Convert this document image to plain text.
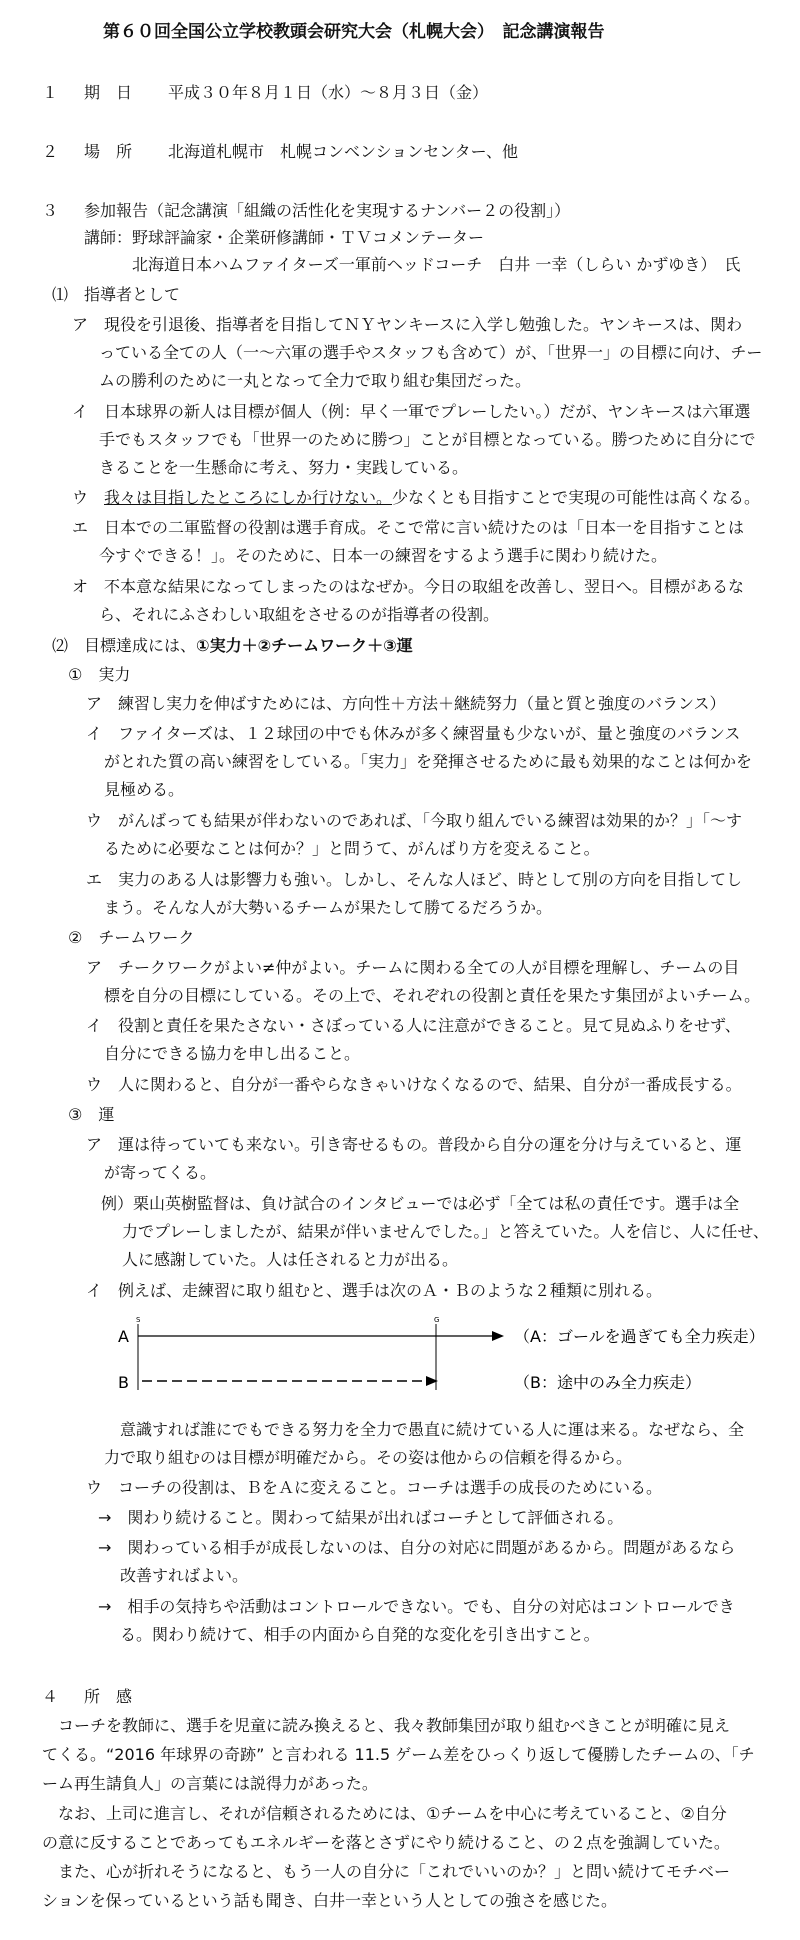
第６０回全国公立学校教頭会研究大会（札幌大会）　記念講演報告
１ 期　日 平成３０年８月１日（水）～８月３日（金）
２ 場　所 北海道札幌市　札幌コンベンションセンター、他
３ 参加報告 （記念講演「組織の活性化を実現するナンバー２の役割」）
講師：野球評論家・企業研修講師・ＴＶコメンテーター
北海道日本ハムファイターズ一軍前ヘッドコーチ　白井 一幸（しらい かずゆき）　氏
⑴　指導者として
ア　現役を引退後、指導者を目指してＮＹヤンキースに入学し勉強した。ヤンキースは、関わ
っている全ての人（一～六軍の選手やスタッフも含めて）が、「世界一」の目標に向け、チー
ムの勝利のために一丸となって全力で取り組む集団だった。
イ　日本球界の新人は目標が個人（例：早く一軍でプレーしたい。）だが、ヤンキースは六軍選
手でもスタッフでも「世界一のために勝つ」ことが目標となっている。勝つために自分にで
きることを一生懸命に考え、努力・実践している。
ウ　我々は目指したところにしか行けない。少なくとも目指すことで実現の可能性は高くなる。
エ　日本での二軍監督の役割は選手育成。そこで常に言い続けたのは「日本一を目指すことは
今すぐできる！」。そのために、日本一の練習をするよう選手に関わり続けた。
オ　不本意な結果になってしまったのはなぜか。今日の取組を改善し、翌日へ。目標があるな
ら、それにふさわしい取組をさせるのが指導者の役割。
⑵　目標達成には、①実力＋②チームワーク＋③運
①　実力
ア　練習し実力を伸ばすためには、方向性＋方法＋継続努力（量と質と強度のバランス）
イ　ファイターズは、１２球団の中でも休みが多く練習量も少ないが、量と強度のバランス
がとれた質の高い練習をしている。「実力」を発揮させるために最も効果的なことは何かを
見極める。
ウ　がんばっても結果が伴わないのであれば、「今取り組んでいる練習は効果的か？」「～す
るために必要なことは何か？」と問うて、がんばり方を変えること。
エ　実力のある人は影響力も強い。しかし、そんな人ほど、時として別の方向を目指してし
まう。そんな人が大勢いるチームが果たして勝てるだろうか。
②　チームワーク
ア　チークワークがよい≠仲がよい。チームに関わる全ての人が目標を理解し、チームの目
標を自分の目標にしている。その上で、それぞれの役割と責任を果たす集団がよいチーム。
イ　役割と責任を果たさない・さぼっている人に注意ができること。見て見ぬふりをせず、
自分にできる協力を申し出ること。
ウ　人に関わると、自分が一番やらなきゃいけなくなるので、結果、自分が一番成長する。
③　運
ア　運は待っていても来ない。引き寄せるもの。普段から自分の運を分け与えていると、運
が寄ってくる。
例）栗山英樹監督は、負け試合のインタビューでは必ず「全ては私の責任です。選手は全
力でプレーしましたが、結果が伴いませんでした。」と答えていた。人を信じ、人に任せ、
人に感謝していた。人は任されると力が出る。
イ　例えば、走練習に取り組むと、選手は次のＡ・Ｂのような２種類に別れる。
A
B
S	G
（A：ゴールを過ぎても全力疾走）
（B：途中のみ全力疾走）
意識すれば誰にでもできる努力を全力で愚直に続けている人に運は来る。なぜなら、全
力で取り組むのは目標が明確だから。その姿は他からの信頼を得るから。
ウ　コーチの役割は、ＢをＡに変えること。コーチは選手の成長のためにいる。
→　関わり続けること。関わって結果が出ればコーチとして評価される。
→　関わっている相手が成長しないのは、自分の対応に問題があるから。問題があるなら
改善すればよい。
→　相手の気持ちや活動はコントロールできない。でも、自分の対応はコントロールでき
る。関わり続けて、相手の内面から自発的な変化を引き出すこと。
４ 所　感
コーチを教師に、選手を児童に読み換えると、我々教師集団が取り組むべきことが明確に見え
てくる。“2016 年球界の奇跡” と言われる 11.5 ゲーム差をひっくり返して優勝したチームの、「チ
ーム再生請負人」の言葉には説得力があった。
なお、上司に進言し、それが信頼されるためには、①チームを中心に考えていること、②自分
の意に反することであってもエネルギーを落とさずにやり続けること、の２点を強調していた。
また、心が折れそうになると、もう一人の自分に「これでいいのか？」と問い続けてモチベー
ションを保っているという話も聞き、白井一幸という人としての強さを感じた。
